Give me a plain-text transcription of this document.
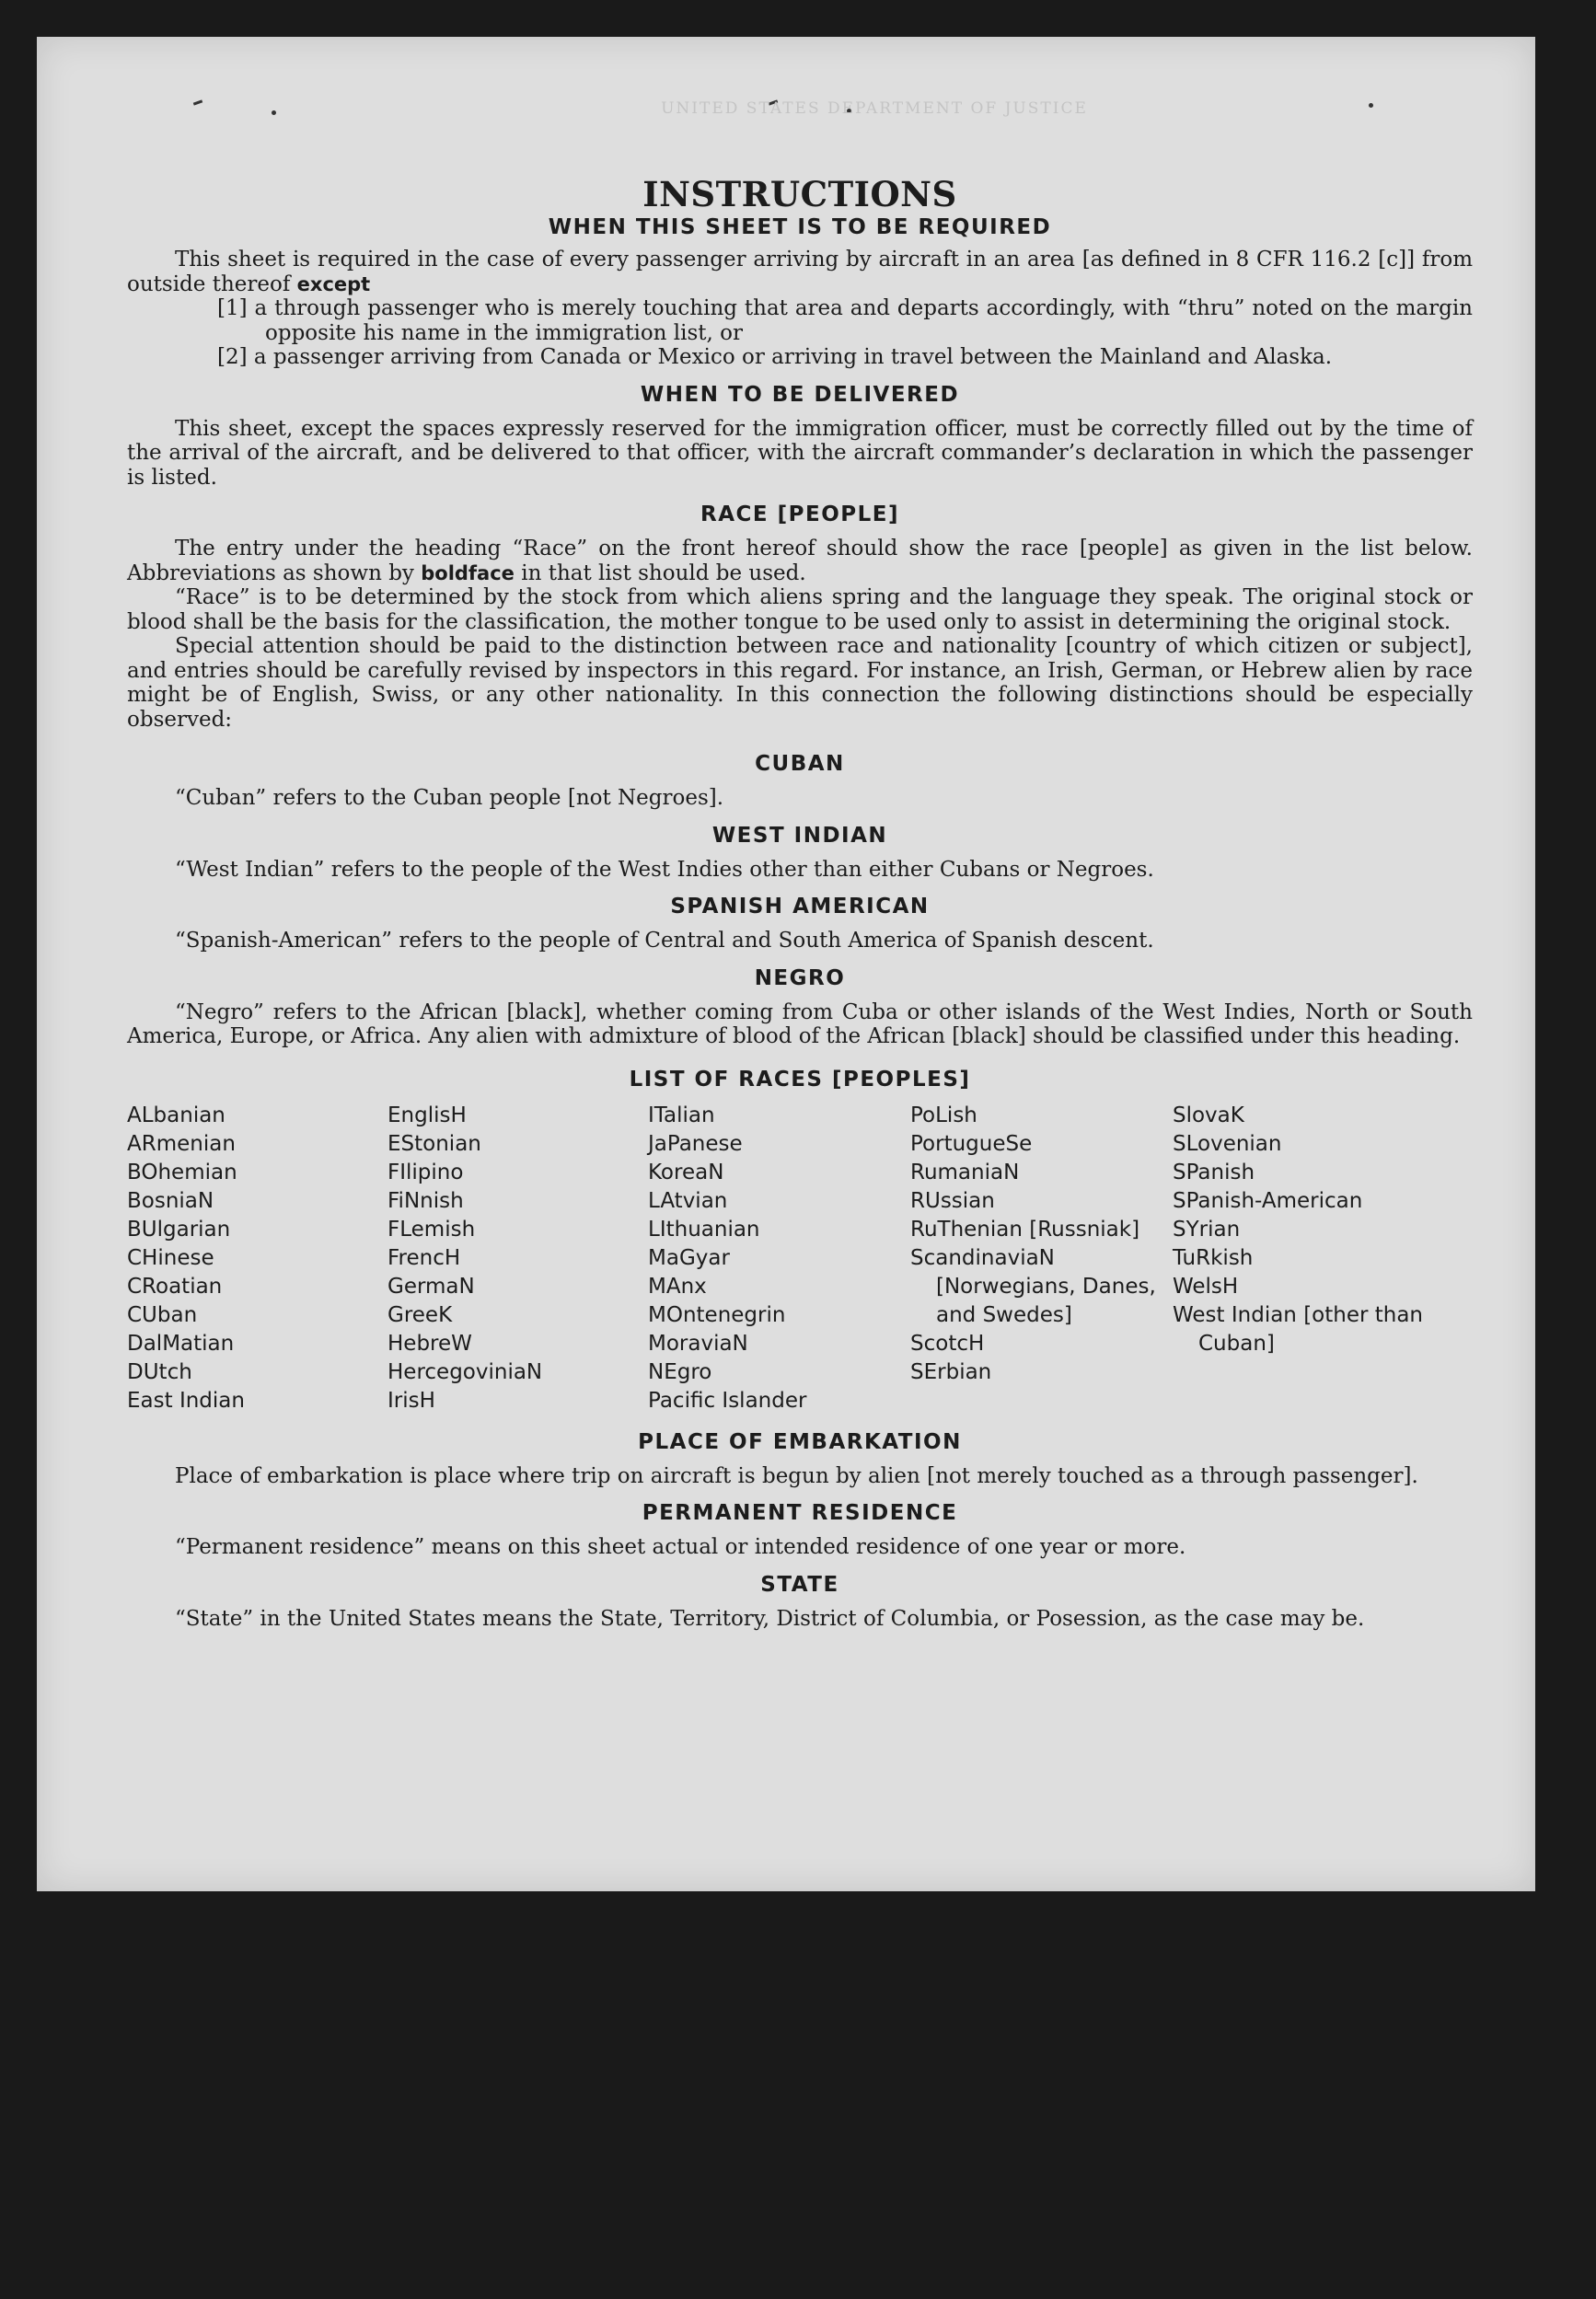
UNITED STATES DEPARTMENT OF JUSTICE
INSTRUCTIONS
WHEN THIS SHEET IS TO BE REQUIRED

This sheet is required in the case of every passenger arriving by aircraft in an area [as defined in 8 CFR 116.2 [c]] from outside thereof except

[1] a through passenger who is merely touching that area and departs accordingly, with “thru” noted on the margin opposite his name in the immigration list, or

[2] a passenger arriving from Canada or Mexico or arriving in travel between the Mainland and Alaska.

WHEN TO BE DELIVERED

This sheet, except the spaces expressly reserved for the immigration officer, must be correctly filled out by the time of the arrival of the aircraft, and be delivered to that officer, with the aircraft commander’s declaration in which the passenger is listed.

RACE [PEOPLE]

The entry under the heading “Race” on the front hereof should show the race [people] as given in the list below. Abbreviations as shown by boldface in that list should be used.

“Race” is to be determined by the stock from which aliens spring and the language they speak. The original stock or blood shall be the basis for the classification, the mother tongue to be used only to assist in determining the original stock.

Special attention should be paid to the distinction between race and nationality [country of which citizen or subject], and entries should be carefully revised by inspectors in this regard. For instance, an Irish, German, or Hebrew alien by race might be of English, Swiss, or any other nationality. In this connection the following distinctions should be especially observed:

CUBAN

“Cuban” refers to the Cuban people [not Negroes].

WEST INDIAN

“West Indian” refers to the people of the West Indies other than either Cubans or Negroes.

SPANISH AMERICAN

“Spanish-American” refers to the people of Central and South America of Spanish descent.

NEGRO

“Negro” refers to the African [black], whether coming from Cuba or other islands of the West Indies, North or South America, Europe, or Africa. Any alien with admixture of blood of the African [black] should be classified under this heading.

LIST OF RACES [PEOPLES]
ALbanian
ARmenian
BOhemian
BosniaN
BUlgarian
CHinese
CRoatian
CUban
DalMatian
DUtch
East Indian
EnglisH
EStonian
FIlipino
FiNnish
FLemish
FrencH
GermaN
GreeK
HebreW
HercegoviniaN
IrisH
ITalian
JaPanese
KoreaN
LAtvian
LIthuanian
MaGyar
MAnx
MOntenegrin
MoraviaN
NEgro
Pacific Islander
PoLish
PortugueSe
RumaniaN
RUssian
RuThenian [Russniak]
ScandinaviaN [Norwegians, Danes, and Swedes]
ScotcH
SErbian
SlovaK
SLovenian
SPanish
SPanish-American
SYrian
TuRkish
WelsH
West Indian [other than Cuban]
PLACE OF EMBARKATION

Place of embarkation is place where trip on aircraft is begun by alien [not merely touched as a through passenger].

PERMANENT RESIDENCE

“Permanent residence” means on this sheet actual or intended residence of one year or more.

STATE

“State” in the United States means the State, Territory, District of Columbia, or Posession, as the case may be.
